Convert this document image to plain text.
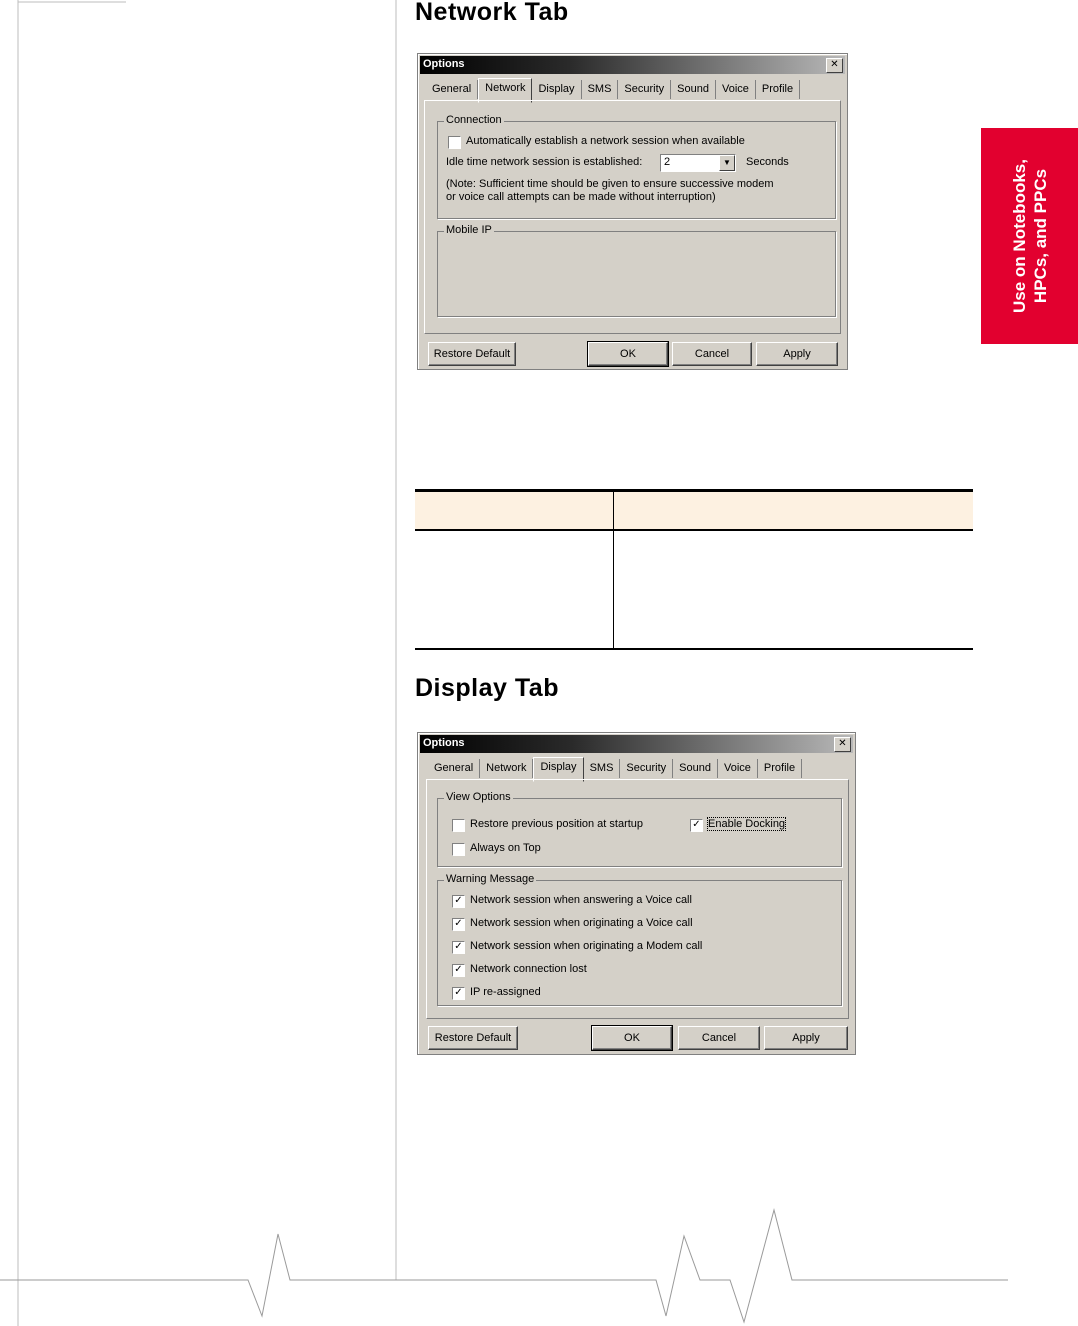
Use on Notebooks, HPCs, and PPCs
Network Tab
Options	✕
General	Network	Display	SMS	Security	Sound	Voice	Profile
Connection
Automatically establish a network session when available
Idle time network session is established: 2	▼	Seconds
(Note: Sufficient time should be given to ensure successive modem
or voice call attempts can be made without interruption)
Mobile IP
Restore Default	OK	Cancel	Apply

Display Tab
Options	✕
General	Network	Display	SMS	Security	Sound	Voice	Profile
View Options
Restore previous position at startup
Always on Top
✓ Enable Docking
Warning Message
✓ Network session when answering a Voice call
✓ Network session when originating a Voice call
✓ Network session when originating a Modem call
✓ Network connection lost
✓ IP re-assigned
Restore Default	OK	Cancel	Apply
